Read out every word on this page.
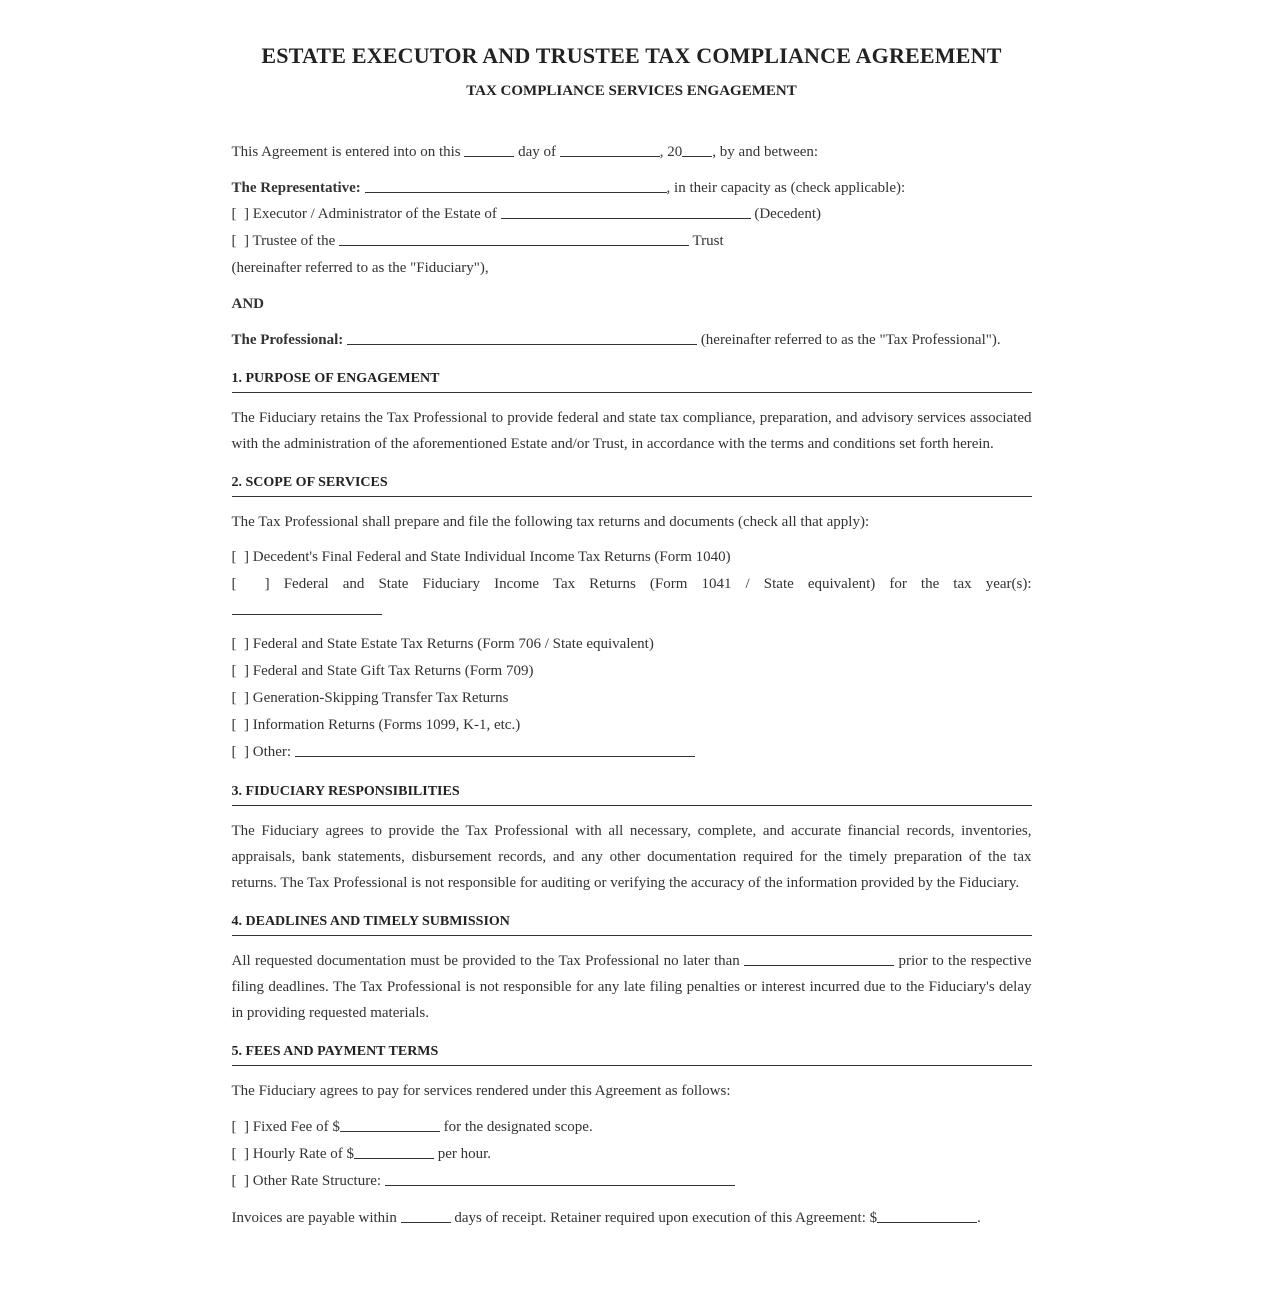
ESTATE EXECUTOR AND TRUSTEE TAX COMPLIANCE AGREEMENT
TAX COMPLIANCE SERVICES ENGAGEMENT

This Agreement is entered into on this	day of	, 20 , by and between:

The Representative:	, in their capacity as (check applicable):

[  ] Executor / Administrator of the Estate of	(Decedent)

[  ] Trustee of the	Trust

(hereinafter referred to as the "Fiduciary"),

AND

The Professional:	(hereinafter referred to as the "Tax Professional").

1. PURPOSE OF ENGAGEMENT

The Fiduciary retains the Tax Professional to provide federal and state tax compliance, preparation, and advisory services associated with the administration of the aforementioned Estate and/or Trust, in accordance with the terms and conditions set forth herein.

2. SCOPE OF SERVICES

The Tax Professional shall prepare and file the following tax returns and documents (check all that apply):

[  ] Decedent's Final Federal and State Individual Income Tax Returns (Form 1040)

[  ] Federal and State Fiduciary Income Tax Returns (Form 1041 / State equivalent) for the tax year(s):

[  ] Federal and State Estate Tax Returns (Form 706 / State equivalent)

[  ] Federal and State Gift Tax Returns (Form 709)

[  ] Generation-Skipping Transfer Tax Returns

[  ] Information Returns (Forms 1099, K-1, etc.)

[  ] Other:

3. FIDUCIARY RESPONSIBILITIES

The Fiduciary agrees to provide the Tax Professional with all necessary, complete, and accurate financial records, inventories, appraisals, bank statements, disbursement records, and any other documentation required for the timely preparation of the tax returns. The Tax Professional is not responsible for auditing or verifying the accuracy of the information provided by the Fiduciary.

4. DEADLINES AND TIMELY SUBMISSION

All requested documentation must be provided to the Tax Professional no later than	prior to the respective filing deadlines. The Tax Professional is not responsible for any late filing penalties or interest incurred due to the Fiduciary's delay in providing requested materials.

5. FEES AND PAYMENT TERMS

The Fiduciary agrees to pay for services rendered under this Agreement as follows:

[  ] Fixed Fee of $	for the designated scope.

[  ] Hourly Rate of $	per hour.

[  ] Other Rate Structure:

Invoices are payable within	days of receipt. Retainer required upon execution of this Agreement: $	.
